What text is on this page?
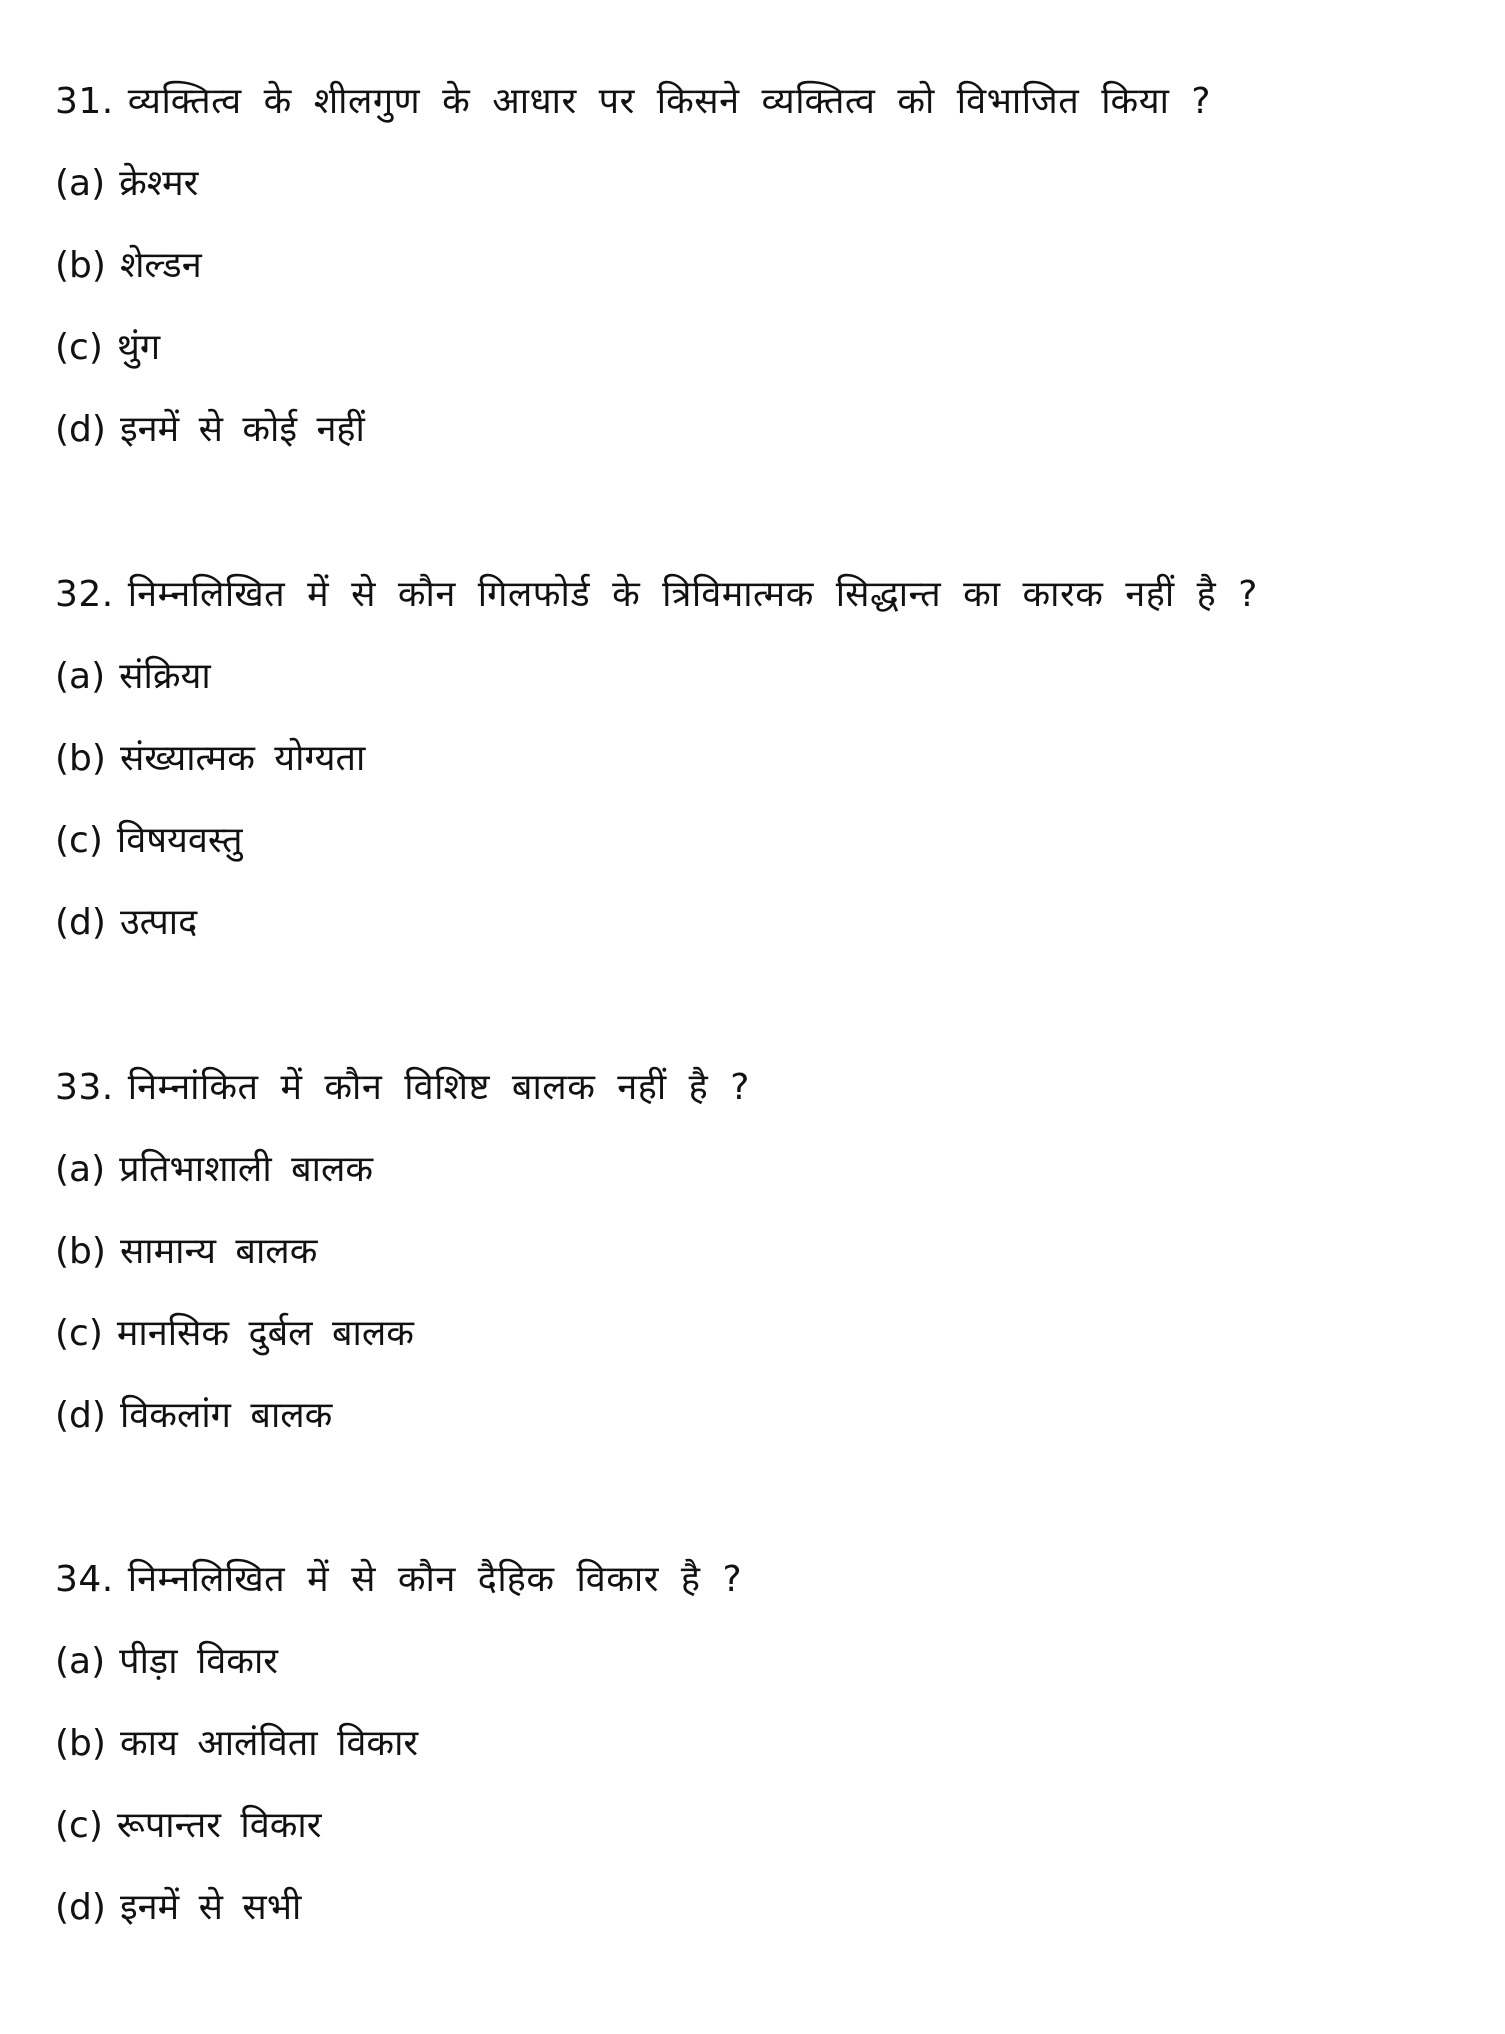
31. व्यक्तित्व के शीलगुण के आधार पर किसने व्यक्तित्व को विभाजित किया ?
(a) क्रेश्मर
(b) शेल्डन
(c) थुंग
(d) इनमें से कोई नहीं
32. निम्नलिखित में से कौन गिलफोर्ड के त्रिविमात्मक सिद्धान्त का कारक नहीं है ?
(a) संक्रिया
(b) संख्यात्मक योग्यता
(c) विषयवस्तु
(d) उत्पाद
33. निम्नांकित में कौन विशिष्ट बालक नहीं है ?
(a) प्रतिभाशाली बालक
(b) सामान्य बालक
(c) मानसिक दुर्बल बालक
(d) विकलांग बालक
34. निम्नलिखित में से कौन दैहिक विकार है ?
(a) पीड़ा विकार
(b) काय आलंविता विकार
(c) रूपान्तर विकार
(d) इनमें से सभी
